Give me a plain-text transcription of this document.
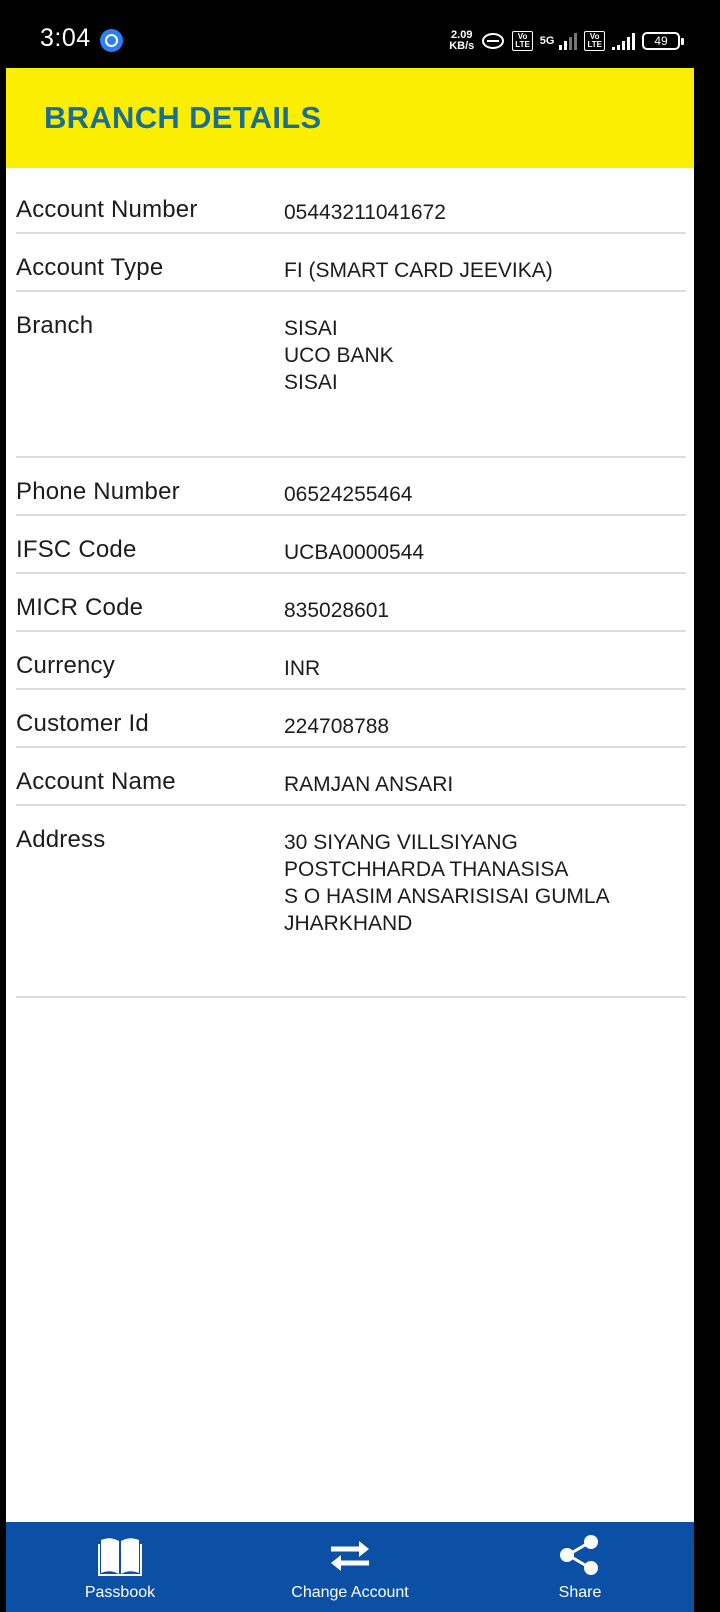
3:04	2.09
KB/s
Vo
LTE 5G	Vo
LTE	49
BRANCH DETAILS
Account Number	05443211041672
Account Type	FI (SMART CARD JEEVIKA)
Branch	SISAI
UCO BANK
SISAI
Phone Number	06524255464
IFSC Code	UCBA0000544
MICR Code	835028601
Currency	INR
Customer Id	224708788
Account Name	RAMJAN ANSARI
Address	30 SIYANG VILLSIYANG
POSTCHHARDA THANASISA
S O HASIM ANSARISISAI GUMLA
JHARKHAND
Passbook	Change Account	Share
